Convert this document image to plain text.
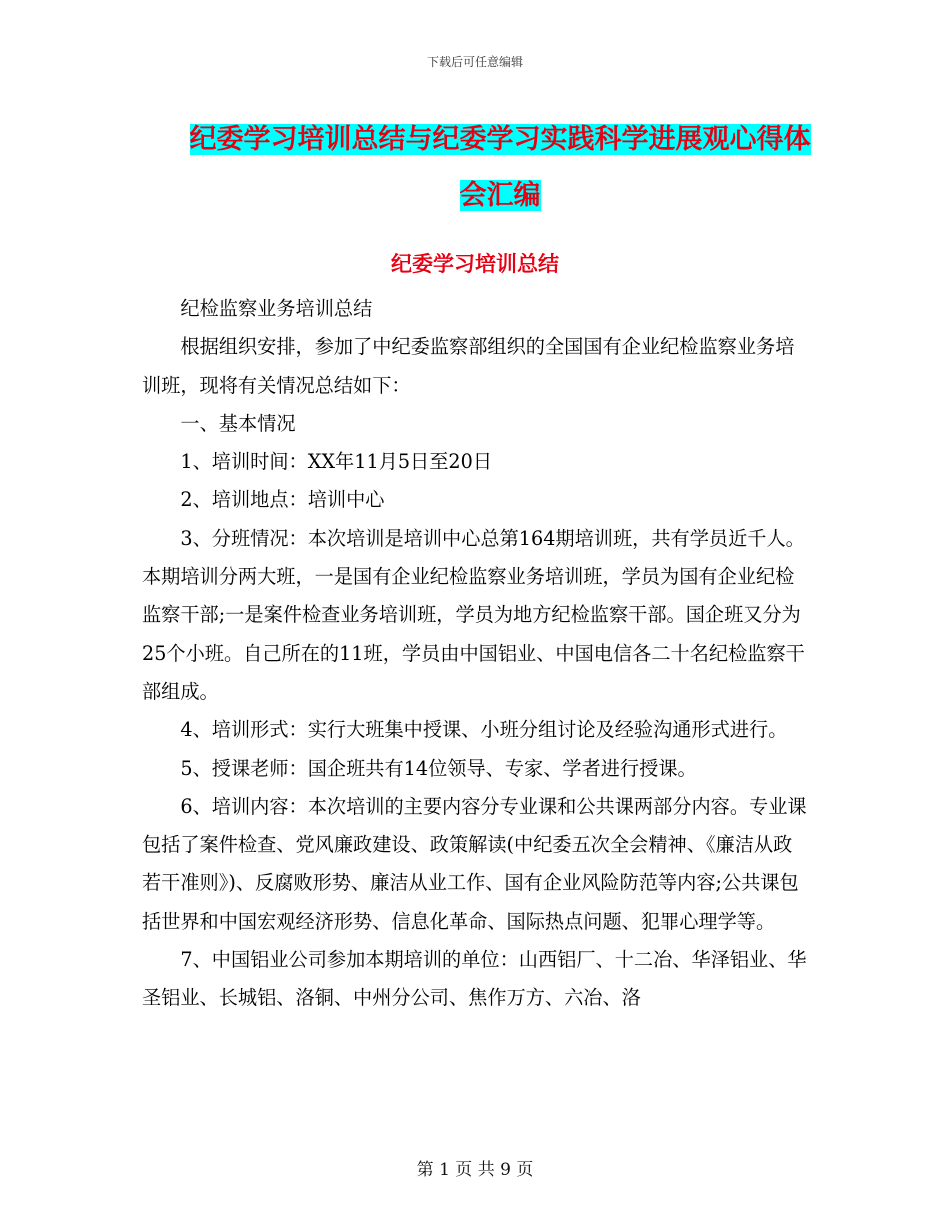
下载后可任意编辑
纪委学习培训总结与纪委学习实践科学进展观心得体
会汇编
纪委学习培训总结

纪检监察业务培训总结

根据组织安排，参加了中纪委监察部组织的全国国有企业纪检监察业务培训班，现将有关情况总结如下：

一、基本情况

1、培训时间：XX年11月5日至20日

2、培训地点：培训中心

3、分班情况：本次培训是培训中心总第164期培训班，共有学员近千人。本期培训分两大班，一是国有企业纪检监察业务培训班，学员为国有企业纪检监察干部;一是案件检查业务培训班，学员为地方纪检监察干部。国企班又分为25个小班。自己所在的11班，学员由中国铝业、中国电信各二十名纪检监察干部组成。

4、培训形式：实行大班集中授课、小班分组讨论及经验沟通形式进行。

5、授课老师：国企班共有14位领导、专家、学者进行授课。

6、培训内容：本次培训的主要内容分专业课和公共课两部分内容。专业课包括了案件检查、党风廉政建设、政策解读(中纪委五次全会精神、《廉洁从政若干准则》)、反腐败形势、廉洁从业工作、国有企业风险防范等内容;公共课包括世界和中国宏观经济形势、信息化革命、国际热点问题、犯罪心理学等。

7、中国铝业公司参加本期培训的单位：山西铝厂、十二冶、华泽铝业、华圣铝业、长城铝、洛铜、中州分公司、焦作万方、六冶、洛

第 1 页 共 9 页
